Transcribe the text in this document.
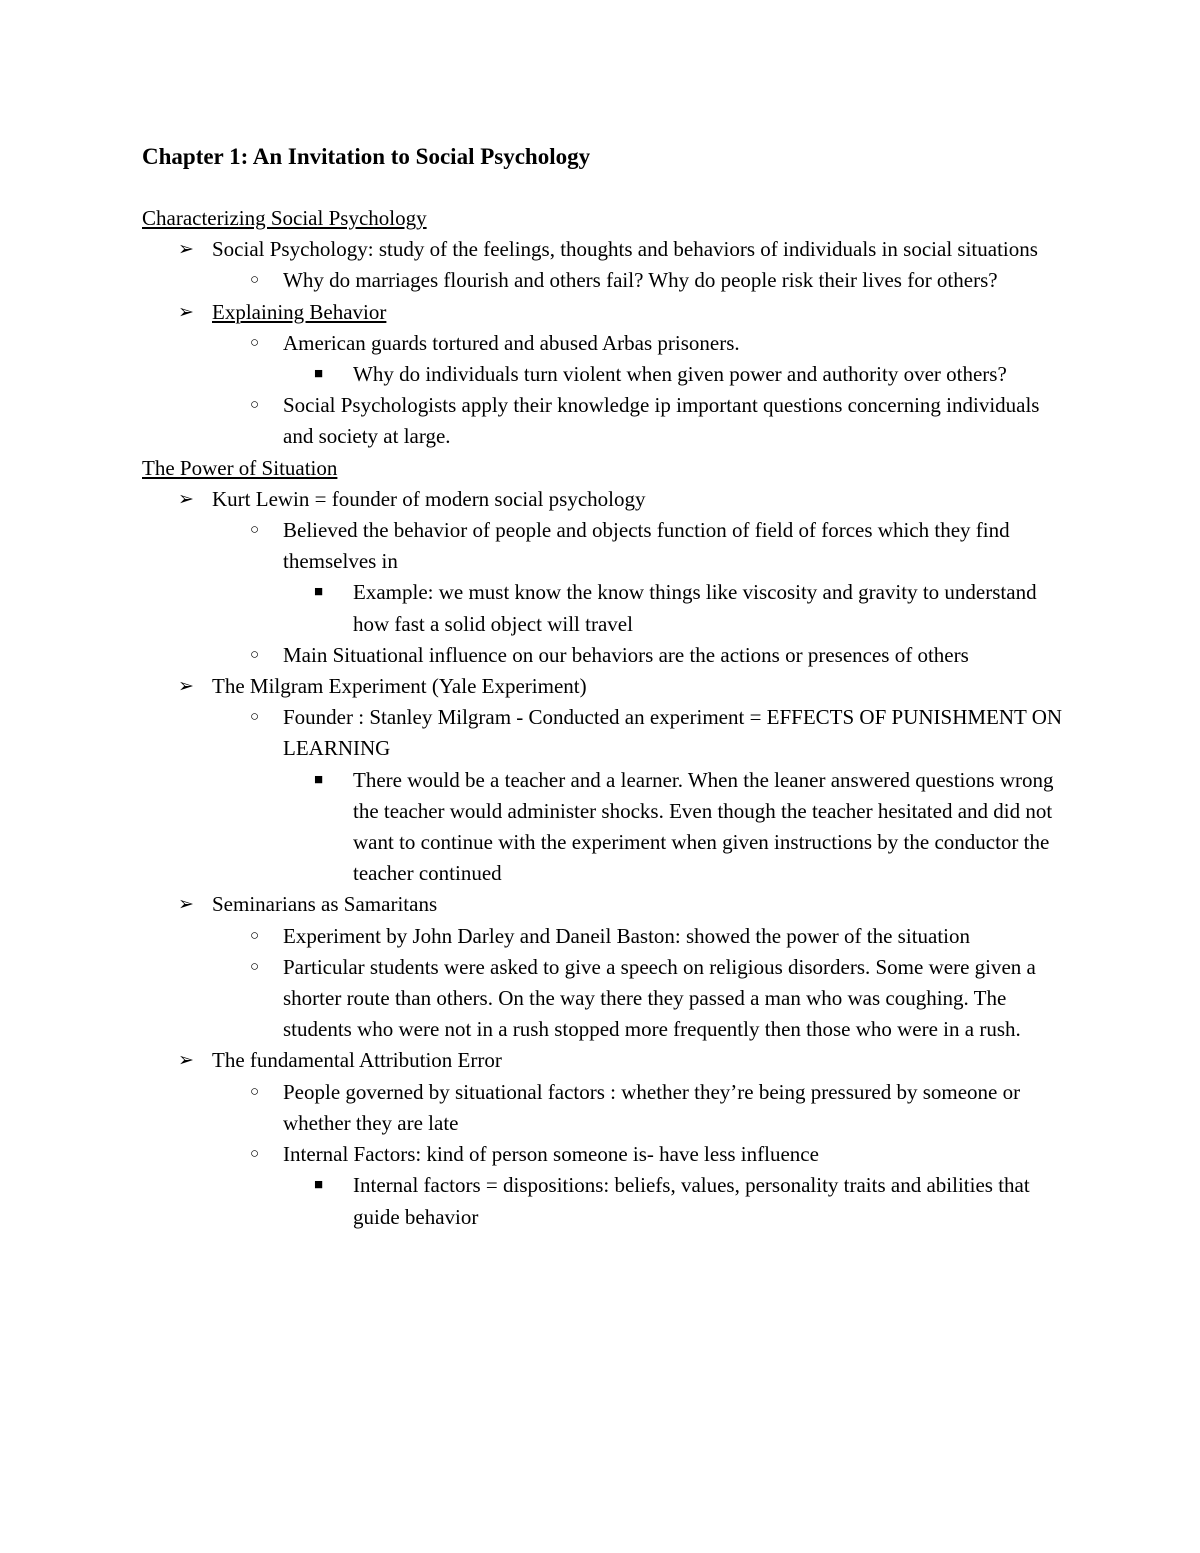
Chapter 1: An Invitation to Social Psychology
Characterizing Social Psychology
➢ Social Psychology: study of the feelings, thoughts and behaviors of individuals in social situations
○ Why do marriages flourish and others fail? Why do people risk their lives for others?
➢ Explaining Behavior
○ American guards tortured and abused Arbas prisoners.
■ Why do individuals turn violent when given power and authority over others?
○ Social Psychologists apply their knowledge ip important questions concerning individuals and society at large.
The Power of Situation
➢ Kurt Lewin = founder of modern social psychology
○ Believed the behavior of people and objects function of field of forces which they find themselves in
■ Example: we must know the know things like viscosity and gravity to understand how fast a solid object will travel
○ Main Situational influence on our behaviors are the actions or presences of others
➢ The Milgram Experiment (Yale Experiment)
○ Founder : Stanley Milgram - Conducted an experiment = EFFECTS OF PUNISHMENT ON LEARNING
■ There would be a teacher and a learner. When the leaner answered questions wrong the teacher would administer shocks. Even though the teacher hesitated and did not want to continue with the experiment when given instructions by the conductor the teacher continued
➢ Seminarians as Samaritans
○ Experiment by John Darley and Daneil Baston: showed the power of the situation
○ Particular students were asked to give a speech on religious disorders. Some were given a shorter route than others. On the way there they passed a man who was coughing. The students who were not in a rush stopped more frequently then those who were in a rush.
➢ The fundamental Attribution Error
○ People governed by situational factors : whether they’re being pressured by someone or whether they are late
○ Internal Factors: kind of person someone is- have less influence
■ Internal factors = dispositions: beliefs, values, personality traits and abilities that guide behavior
